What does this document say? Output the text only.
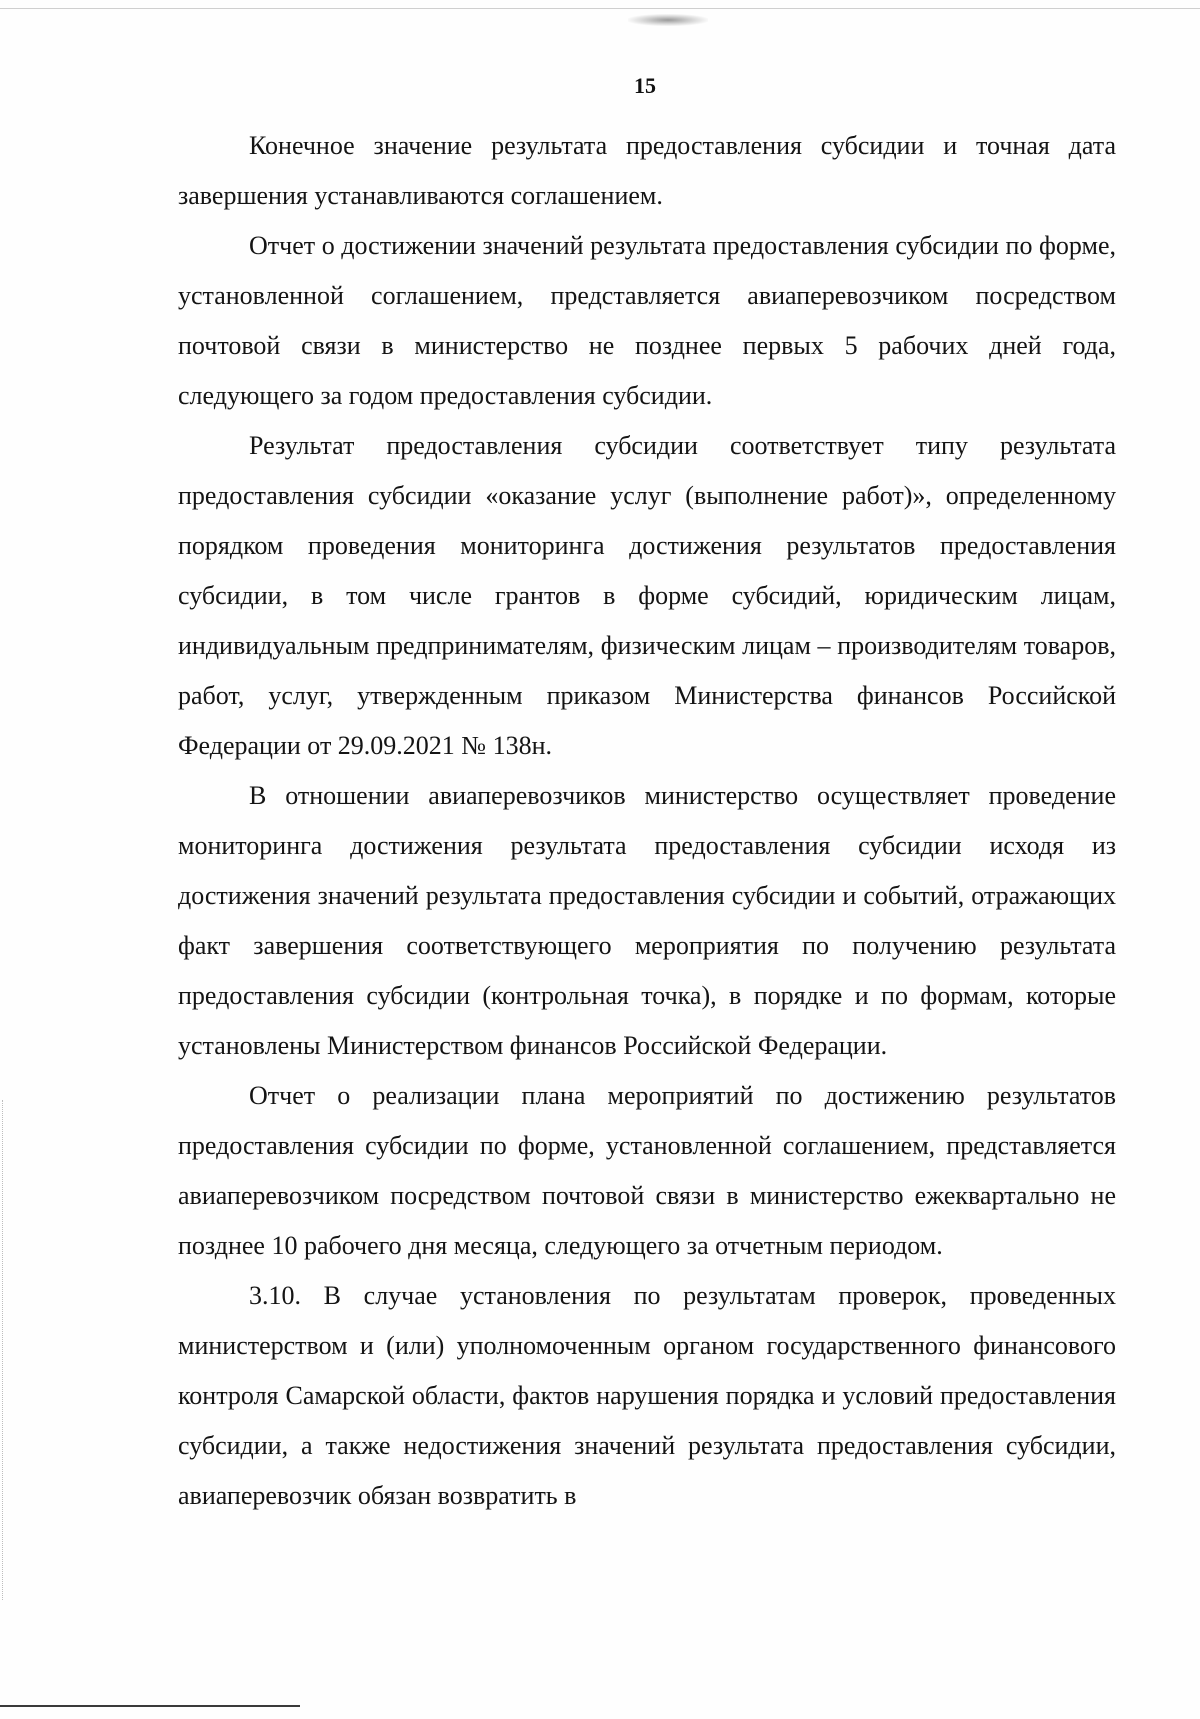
15

Конечное значение результата предоставления субсидии и точная дата завершения устанавливаются соглашением.

Отчет о достижении значений результата предоставления субсидии по форме, установленной соглашением, представляется авиаперевозчиком посредством почтовой связи в министерство не позднее первых 5 рабочих дней года, следующего за годом предоставления субсидии.

Результат предоставления субсидии соответствует типу результата предоставления субсидии «оказание услуг (выполнение работ)», определенному порядком проведения мониторинга достижения результатов предоставления субсидии, в том числе грантов в форме субсидий, юридическим лицам, индивидуальным предпринимателям, физическим лицам – производителям товаров, работ, услуг, утвержденным приказом Министерства финансов Российской Федерации от 29.09.2021 № 138н.

В отношении авиаперевозчиков министерство осуществляет проведение мониторинга достижения результата предоставления субсидии исходя из достижения значений результата предоставления субсидии и событий, отражающих факт завершения соответствующего мероприятия по получению результата предоставления субсидии (контрольная точка), в порядке и по формам, которые установлены Министерством финансов Российской Федерации.

Отчет о реализации плана мероприятий по достижению результатов предоставления субсидии по форме, установленной соглашением, представляется авиаперевозчиком посредством почтовой связи в министерство ежеквартально не позднее 10 рабочего дня месяца, следующего за отчетным периодом.

3.10. В случае установления по результатам проверок, проведенных министерством и (или) уполномоченным органом государственного финансового контроля Самарской области, фактов нарушения порядка и условий предоставления субсидии, а также недостижения значений результата предоставления субсидии, авиаперевозчик обязан возвратить в
